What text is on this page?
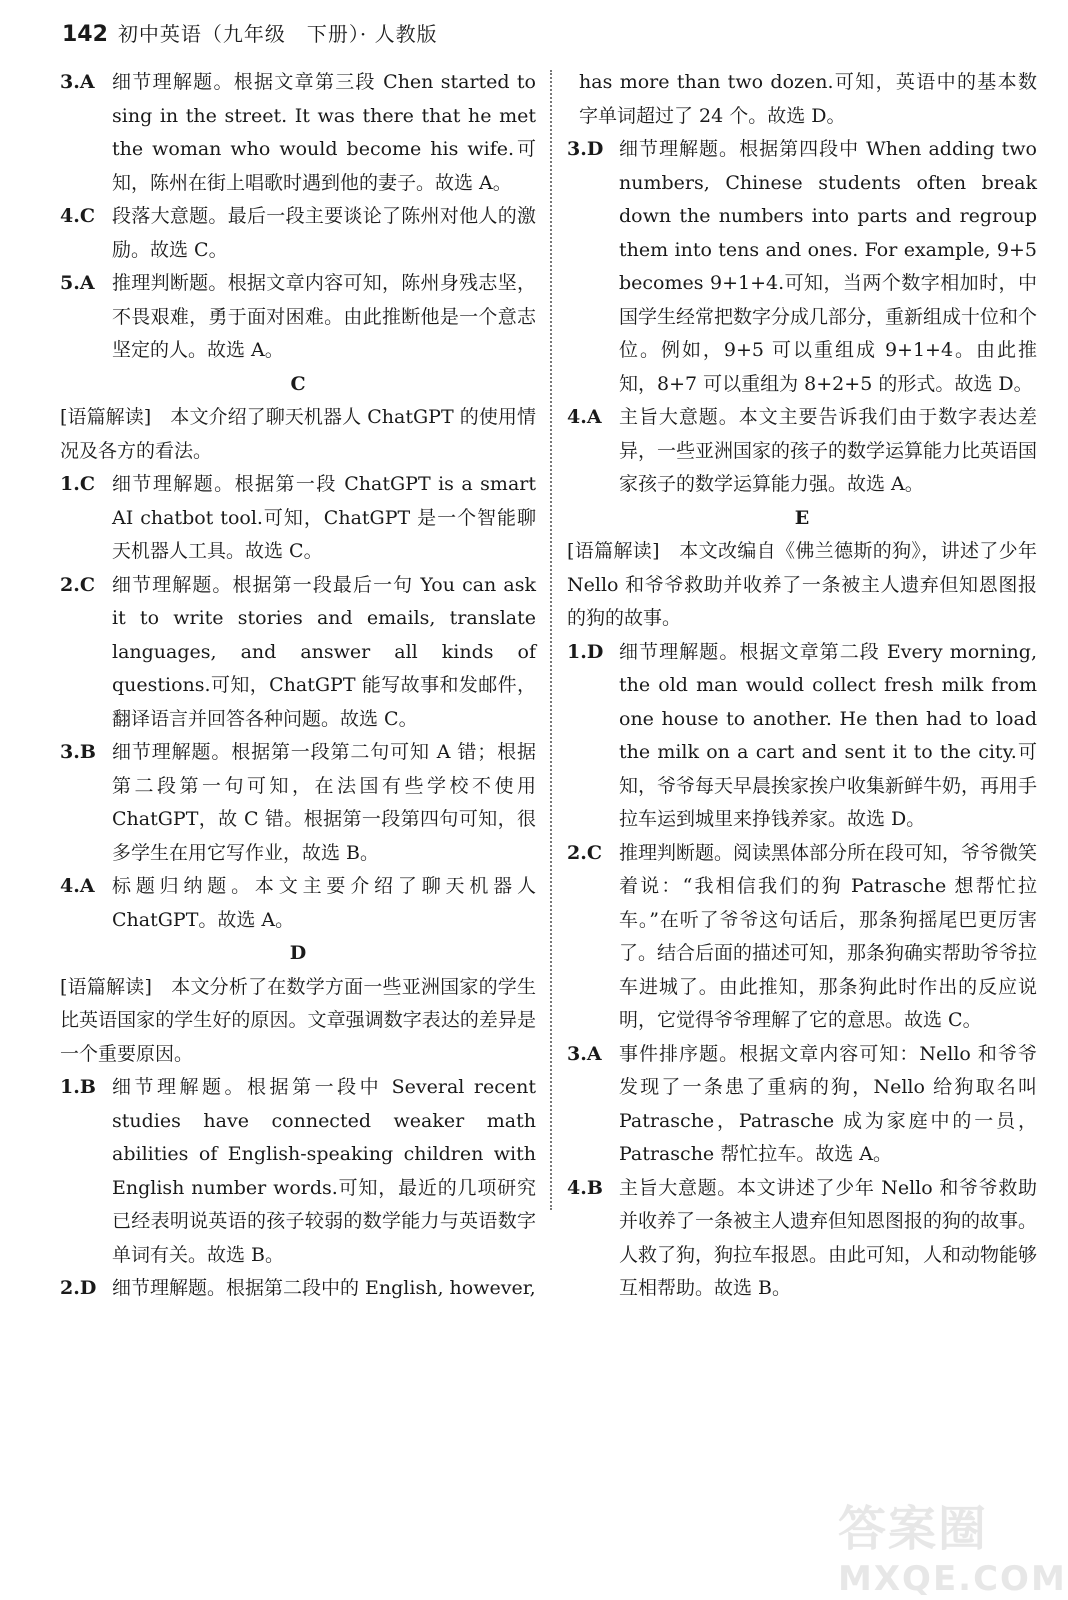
142 初中英语（九年级　下册）· 人教版
3.A 细节理解题。根据文章第三段 Chen started to sing in the street. It was there that he met the woman who would become his wife.可知，陈州在街上唱歌时遇到他的妻子。故选 A。
4.C 段落大意题。最后一段主要谈论了陈州对他人的激励。故选 C。
5.A 推理判断题。根据文章内容可知，陈州身残志坚，不畏艰难，勇于面对困难。由此推断他是一个意志坚定的人。故选 A。

C

[语篇解读]　本文介绍了聊天机器人 ChatGPT 的使用情况及各方的看法。

1.C 细节理解题。根据第一段 ChatGPT is a smart AI chatbot tool.可知，ChatGPT 是一个智能聊天机器人工具。故选 C。
2.C 细节理解题。根据第一段最后一句 You can ask it to write stories and emails, translate languages, and answer all kinds of questions.可知，ChatGPT 能写故事和发邮件，翻译语言并回答各种问题。故选 C。
3.B 细节理解题。根据第一段第二句可知 A 错；根据第二段第一句可知，在法国有些学校不使用 ChatGPT，故 C 错。根据第一段第四句可知，很多学生在用它写作业，故选 B。
4.A 标题归纳题。本文主要介绍了聊天机器人 ChatGPT。故选 A。

D

[语篇解读]　本文分析了在数学方面一些亚洲国家的学生比英语国家的学生好的原因。文章强调数字表达的差异是一个重要原因。

1.B 细节理解题。根据第一段中 Several recent studies have connected weaker math abilities of English-speaking children with English number words.可知，最近的几项研究已经表明说英语的孩子较弱的数学能力与英语数字单词有关。故选 B。
2.D 细节理解题。根据第二段中的 English, however,
has more than two dozen.可知，英语中的基本数字单词超过了 24 个。故选 D。
3.D 细节理解题。根据第四段中 When adding two numbers, Chinese students often break down the numbers into parts and regroup them into tens and ones. For example, 9+5 becomes 9+1+4.可知，当两个数字相加时，中国学生经常把数字分成几部分，重新组成十位和个位。例如，9+5 可以重组成 9+1+4。由此推知，8+7 可以重组为 8+2+5 的形式。故选 D。
4.A 主旨大意题。本文主要告诉我们由于数字表达差异，一些亚洲国家的孩子的数学运算能力比英语国家孩子的数学运算能力强。故选 A。

E

[语篇解读]　本文改编自《佛兰德斯的狗》，讲述了少年 Nello 和爷爷救助并收养了一条被主人遗弃但知恩图报的狗的故事。

1.D 细节理解题。根据文章第二段 Every morning, the old man would collect fresh milk from one house to another. He then had to load the milk on a cart and sent it to the city.可知，爷爷每天早晨挨家挨户收集新鲜牛奶，再用手拉车运到城里来挣钱养家。故选 D。
2.C 推理判断题。阅读黑体部分所在段可知，爷爷微笑着说：“我相信我们的狗 Patrasche 想帮忙拉车。”在听了爷爷这句话后，那条狗摇尾巴更厉害了。结合后面的描述可知，那条狗确实帮助爷爷拉车进城了。由此推知，那条狗此时作出的反应说明，它觉得爷爷理解了它的意思。故选 C。
3.A 事件排序题。根据文章内容可知：Nello 和爷爷发现了一条患了重病的狗，Nello 给狗取名叫 Patrasche，Patrasche 成为家庭中的一员，Patrasche 帮忙拉车。故选 A。
4.B 主旨大意题。本文讲述了少年 Nello 和爷爷救助并收养了一条被主人遗弃但知恩图报的狗的故事。人救了狗，狗拉车报恩。由此可知，人和动物能够互相帮助。故选 B。
答案圈
MXQE.COM
